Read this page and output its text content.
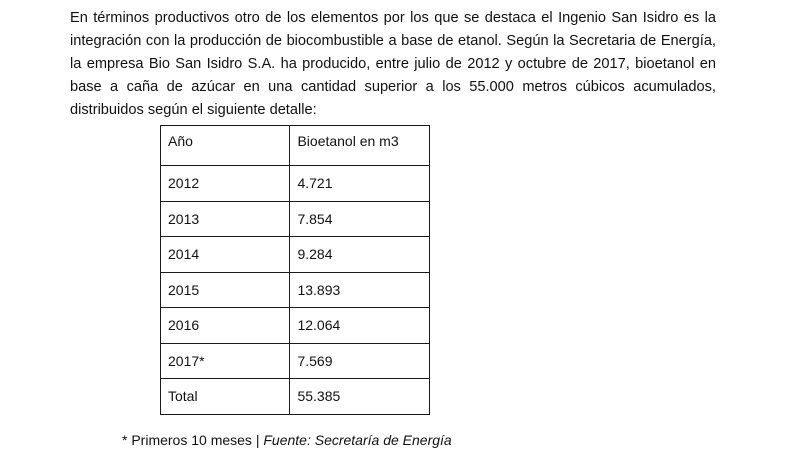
En términos productivos otro de los elementos por los que se destaca el Ingenio San Isidro es la integración con la producción de biocombustible a base de etanol. Según la Secretaria de Energía, la empresa Bio San Isidro S.A. ha producido, entre julio de 2012 y octubre de 2017, bioetanol en base a caña de azúcar en una cantidad superior a los 55.000 metros cúbicos acumulados, distribuidos según el siguiente detalle:

Año	Bioetanol en m3
2012	4.721
2013	7.854
2014	9.284
2015	13.893
2016	12.064
2017*	7.569
Total	55.385

* Primeros 10 meses | Fuente: Secretaría de Energía
